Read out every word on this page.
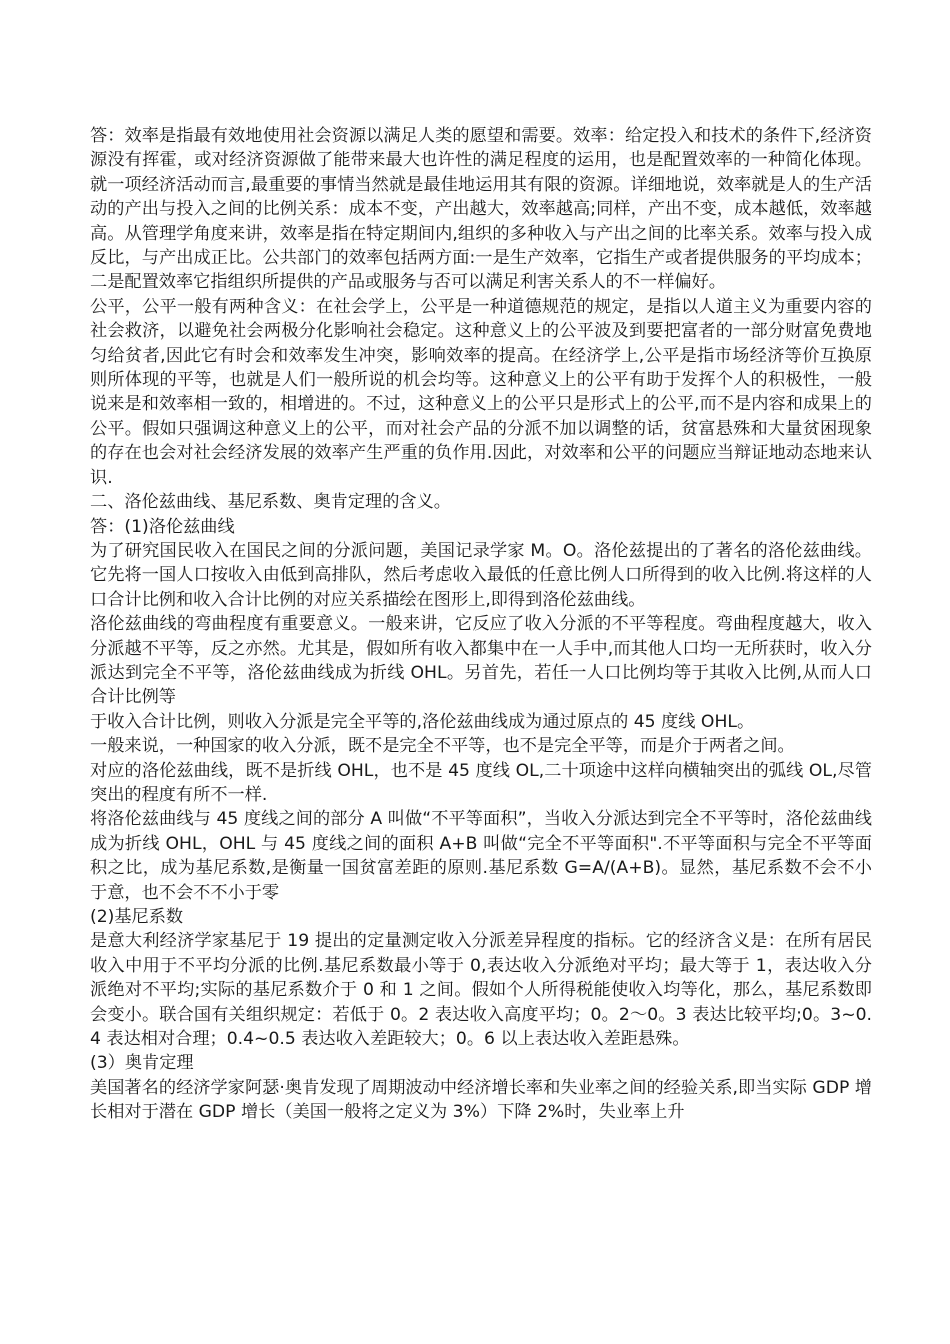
答：效率是指最有效地使用社会资源以满足人类的愿望和需要。效率：给定投入和技术的条件下,经济资源没有挥霍，或对经济资源做了能带来最大也许性的满足程度的运用，也是配置效率的一种简化体现。就一项经济活动而言,最重要的事情当然就是最佳地运用其有限的资源。详细地说，效率就是人的生产活动的产出与投入之间的比例关系：成本不变，产出越大，效率越高;同样，产出不变，成本越低，效率越高。从管理学角度来讲，效率是指在特定期间内,组织的多种收入与产出之间的比率关系。效率与投入成反比，与产出成正比。公共部门的效率包括两方面:一是生产效率，它指生产或者提供服务的平均成本；二是配置效率它指组织所提供的产品或服务与否可以满足利害关系人的不一样偏好。

公平，公平一般有两种含义：在社会学上，公平是一种道德规范的规定，是指以人道主义为重要内容的社会救济，以避免社会两极分化影响社会稳定。这种意义上的公平波及到要把富者的一部分财富免费地匀给贫者,因此它有时会和效率发生冲突，影响效率的提高。在经济学上,公平是指市场经济等价互换原则所体现的平等，也就是人们一般所说的机会均等。这种意义上的公平有助于发挥个人的积极性，一般说来是和效率相一致的，相增进的。不过，这种意义上的公平只是形式上的公平,而不是内容和成果上的公平。假如只强调这种意义上的公平，而对社会产品的分派不加以调整的话，贫富悬殊和大量贫困现象的存在也会对社会经济发展的效率产生严重的负作用.因此，对效率和公平的问题应当辩证地动态地来认识.

二、洛伦兹曲线、基尼系数、奥肯定理的含义。
答：(1)洛伦兹曲线

为了研究国民收入在国民之间的分派问题，美国记录学家 M。O。洛伦兹提出的了著名的洛伦兹曲线。它先将一国人口按收入由低到高排队，然后考虑收入最低的任意比例人口所得到的收入比例.将这样的人口合计比例和收入合计比例的对应关系描绘在图形上,即得到洛伦兹曲线。

洛伦兹曲线的弯曲程度有重要意义。一般来讲，它反应了收入分派的不平等程度。弯曲程度越大，收入分派越不平等，反之亦然。尤其是，假如所有收入都集中在一人手中,而其他人口均一无所获时，收入分派达到完全不平等，洛伦兹曲线成为折线 OHL。另首先，若任一人口比例均等于其收入比例,从而人口合计比例等

于收入合计比例，则收入分派是完全平等的,洛伦兹曲线成为通过原点的 45 度线 OHL。
一般来说，一种国家的收入分派，既不是完全不平等，也不是完全平等，而是介于两者之间。

对应的洛伦兹曲线，既不是折线 OHL，也不是 45 度线 OL,二十项途中这样向横轴突出的弧线 OL,尽管突出的程度有所不一样.

将洛伦兹曲线与 45 度线之间的部分 A 叫做“不平等面积”，当收入分派达到完全不平等时，洛伦兹曲线成为折线 OHL，OHL 与 45 度线之间的面积 A+B 叫做“完全不平等面积".不平等面积与完全不平等面积之比，成为基尼系数,是衡量一国贫富差距的原则.基尼系数 G=A/(A+B)。显然，基尼系数不会不小于意，也不会不不小于零

(2)基尼系数

是意大利经济学家基尼于 19 提出的定量测定收入分派差异程度的指标。它的经济含义是：在所有居民收入中用于不平均分派的比例.基尼系数最小等于 0,表达收入分派绝对平均；最大等于 1，表达收入分派绝对不平均;实际的基尼系数介于 0 和 1 之间。假如个人所得税能使收入均等化，那么，基尼系数即会变小。联合国有关组织规定：若低于 0。2 表达收入高度平均；0。2～0。3 表达比较平均;0。3~0.4 表达相对合理；0.4~0.5 表达收入差距较大；0。6 以上表达收入差距悬殊。

(3）奥肯定理

美国著名的经济学家阿瑟·奥肯发现了周期波动中经济增长率和失业率之间的经验关系,即当实际 GDP 增长相对于潜在 GDP 增长（美国一般将之定义为 3%）下降 2%时，失业率上升
